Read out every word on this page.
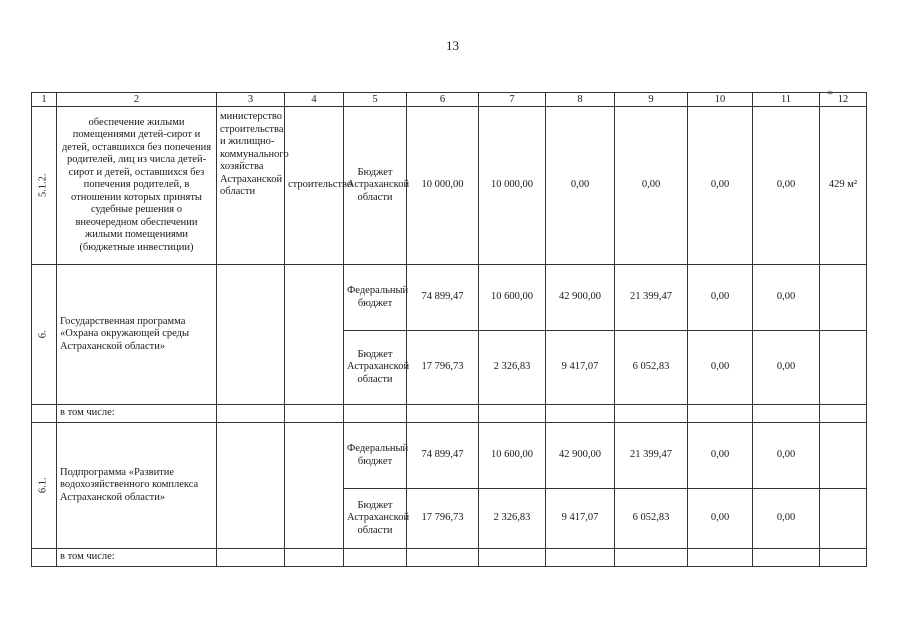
13
*
1	2	3	4	5	6	7	8	9	10	11	12
5.1.2.	обеспечение жилыми помещениями детей-сирот и детей, оставшихся без попечения родителей, лиц из числа детей-сирот и детей, оставшихся без попечения родителей, в отношении которых приняты судебные решения о внеочередном обеспечении жилыми помещениями (бюджетные инвестиции)	министерство строительства и жилищно-коммунального хозяйства Астраханской области	строительство	Бюджет Астраханской области	10 000,00	10 000,00	0,00	0,00	0,00	0,00	429 м²
6.	Государственная программа «Охрана окружающей среды Астраханской области»			Федеральный бюджет	74 899,47	10 600,00	42 900,00	21 399,47	0,00	0,00	
				Бюджет Астраханской области	17 796,73	2 326,83	9 417,07	6 052,83	0,00	0,00	
	в том числе:										
6.1.	Подпрограмма «Развитие водохозяйственного комплекса Астраханской области»			Федеральный бюджет	74 899,47	10 600,00	42 900,00	21 399,47	0,00	0,00	
				Бюджет Астраханской области	17 796,73	2 326,83	9 417,07	6 052,83	0,00	0,00	
	в том числе:										
